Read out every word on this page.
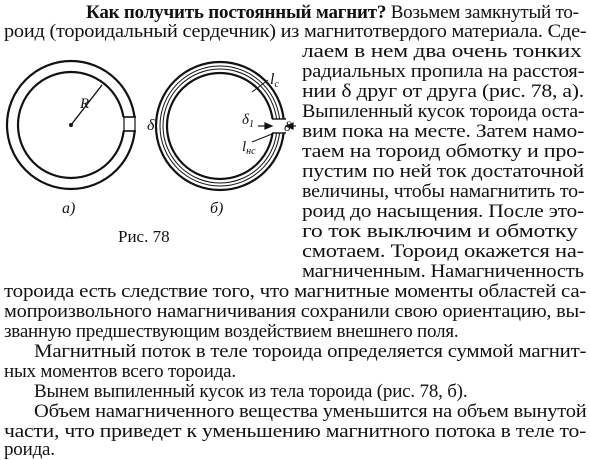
R
δ
lc
$\delta_1$ δ
$l_{нс}$
а)	б)
Рис. 78
Как получить постоянный магнит? Возьмем замкнутый то-
роид (тороидальный сердечник) из магнитотвердого материала. Сде-
лаем в нем два очень тонких
радиальных пропила на расстоя-
нии δ друг от друга (рис. 78, а).
Выпиленный кусок тороида оста-
вим пока на месте. Затем намо-
таем на тороид обмотку и про-
пустим по ней ток достаточной
величины, чтобы намагнитить то-
роид до насыщения. После это-
го ток выключим и обмотку
смотаем. Тороид окажется на-
магниченным. Намагниченность
тороида есть следствие того, что магнитные моменты областей са-
мопроизвольного намагничивания сохранили свою ориентацию, вы-
званную предшествующим воздействием внешнего поля.
Магнитный поток в теле тороида определяется суммой магнит-
ных моментов всего тороида.
Вынем выпиленный кусок из тела тороида (рис. 78, б).
Объем намагниченного вещества уменьшится на объем вынутой
части, что приведет к уменьшению магнитного потока в теле то-
роида.
